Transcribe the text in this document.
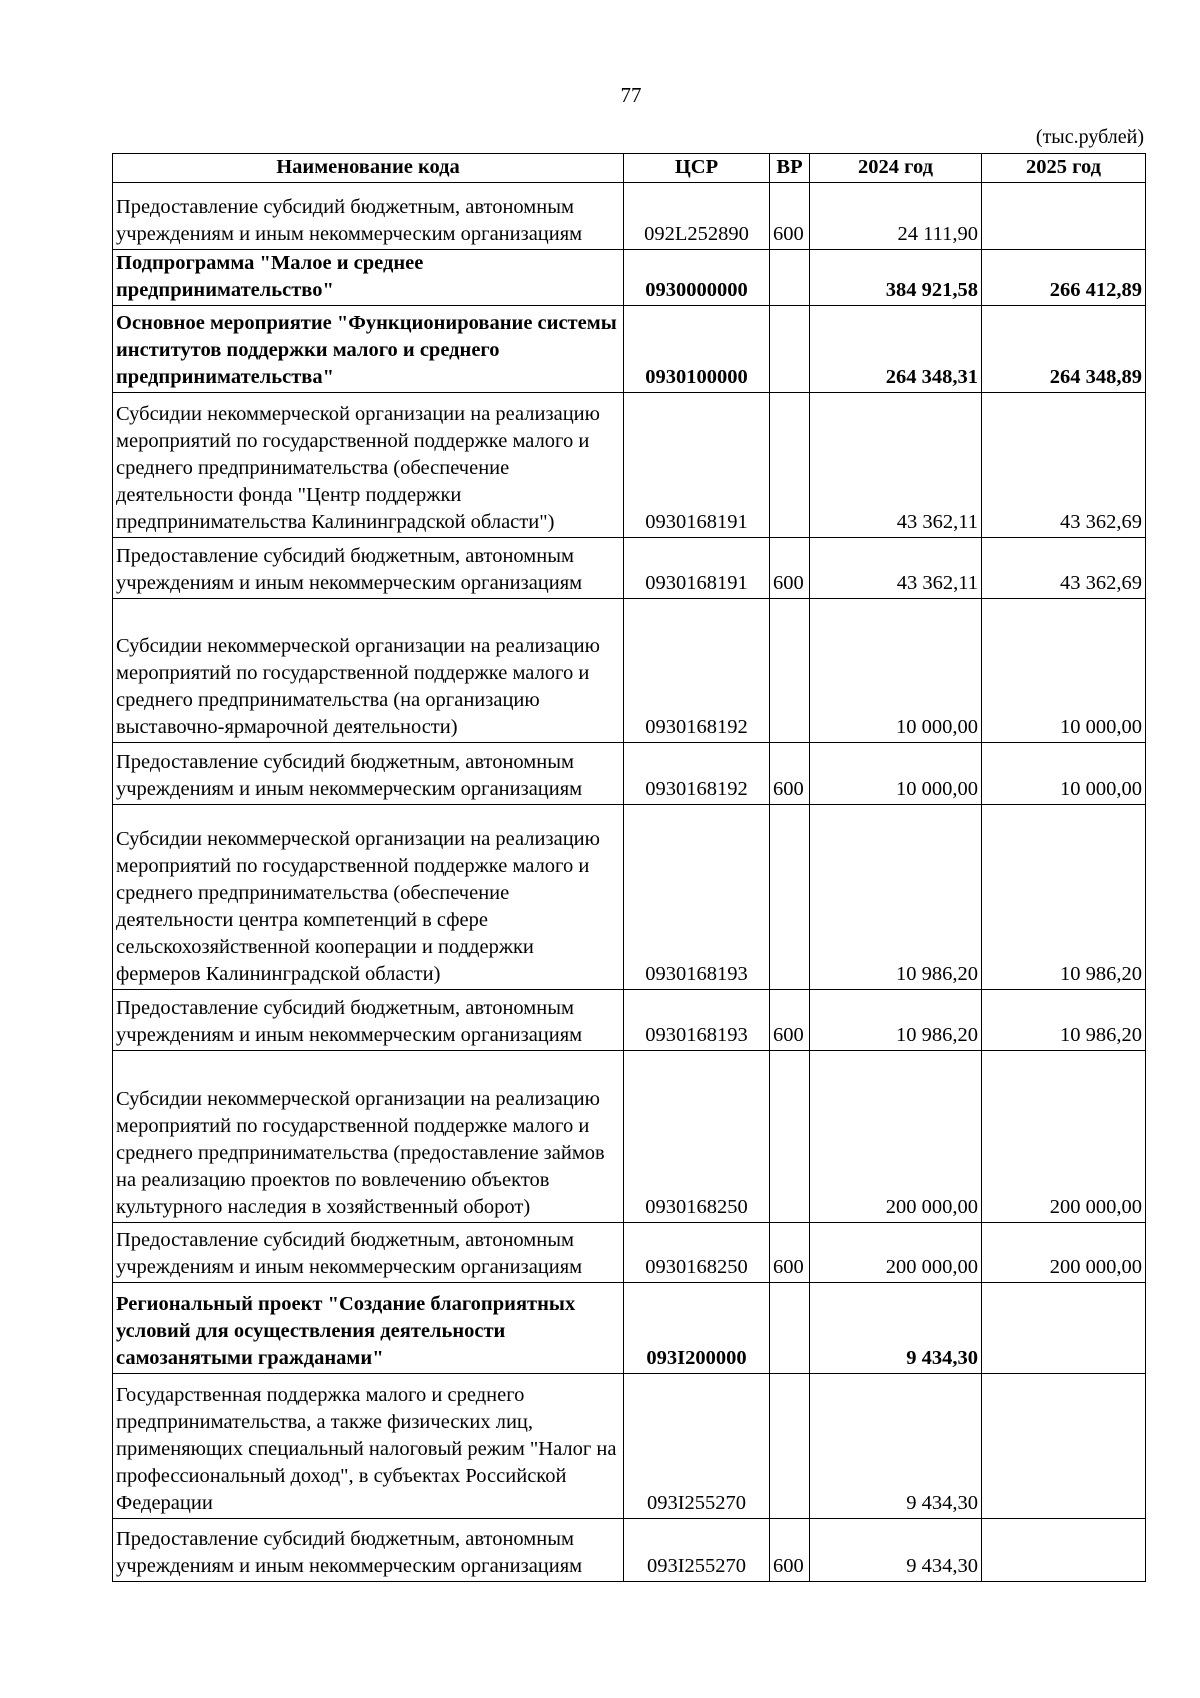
77
(тыс.рублей)
Наименование кода	ЦСР	ВР	2024 год	2025 год
Предоставление субсидий бюджетным, автономным учреждениям и иным некоммерческим организациям	092L252890	600	24 111,90	
Подпрограмма "Малое и среднее предпринимательство"	0930000000		384 921,58	266 412,89
Основное мероприятие "Функционирование системы институтов поддержки малого и среднего предпринимательства"	0930100000		264 348,31	264 348,89
Субсидии некоммерческой организации на реализацию мероприятий по государственной поддержке малого и среднего предпринимательства (обеспечение деятельности фонда "Центр поддержки предпринимательства Калининградской области")	0930168191		43 362,11	43 362,69
Предоставление субсидий бюджетным, автономным учреждениям и иным некоммерческим организациям	0930168191	600	43 362,11	43 362,69
Субсидии некоммерческой организации на реализацию мероприятий по государственной поддержке малого и среднего предпринимательства (на организацию выставочно-ярмарочной деятельности)	0930168192		10 000,00	10 000,00
Предоставление субсидий бюджетным, автономным учреждениям и иным некоммерческим организациям	0930168192	600	10 000,00	10 000,00
Субсидии некоммерческой организации на реализацию мероприятий по государственной поддержке малого и среднего предпринимательства (обеспечение деятельности центра компетенций в сфере сельскохозяйственной кооперации и поддержки фермеров Калининградской области)	0930168193		10 986,20	10 986,20
Предоставление субсидий бюджетным, автономным учреждениям и иным некоммерческим организациям	0930168193	600	10 986,20	10 986,20
Субсидии некоммерческой организации на реализацию мероприятий по государственной поддержке малого и среднего предпринимательства (предоставление займов на реализацию проектов по вовлечению объектов культурного наследия в хозяйственный оборот)	0930168250		200 000,00	200 000,00
Предоставление субсидий бюджетным, автономным учреждениям и иным некоммерческим организациям	0930168250	600	200 000,00	200 000,00
Региональный проект "Создание благоприятных условий для осуществления деятельности самозанятыми гражданами"	093I200000		9 434,30	
Государственная поддержка малого и среднего предпринимательства, а также физических лиц, применяющих специальный налоговый режим "Налог на профессиональный доход", в субъектах Российской Федерации	093I255270		9 434,30	
Предоставление субсидий бюджетным, автономным учреждениям и иным некоммерческим организациям	093I255270	600	9 434,30	
